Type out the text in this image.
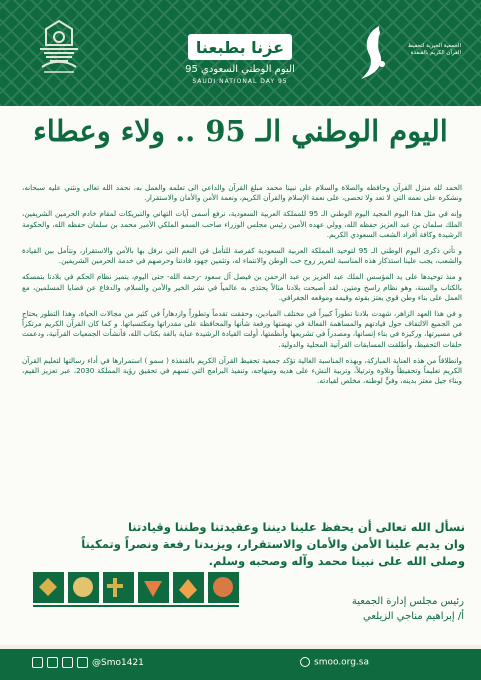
عزنا بطبعنا
اليوم الوطني السعودي 95
SAUDI NATIONAL DAY 95
الجمعية الخيرية لتحفيظ
القرآن الكريم بالقنفذة
اليوم الوطني الـ 95 .. ولاء وعطاء

الحمد لله منزل القرآن وحافظه والصلاة والسلام على نبينا محمد مبلغ القرآن والداعي الى تعلمه والعمل به، نحمد الله تعالى ونثني عليه سبحانه، ونشكره على نعمه التي لا تعد ولا تحصى، على نعمة الإسلام والقرآن الكريم، ونعمة الأمن والأمان والاستقرار.

وإنه في مثل هذا اليوم المجيد اليوم الوطني الـ 95 للمملكة العربية السعودية، نرفع أسمى آيات التهاني والتبريكات لمقام خادم الحرمين الشريفين، الملك سلمان بن عبد العزيز حفظه الله، وولي عهده الأمين رئيس مجلس الوزراء صاحب السمو الملكي الأمير محمد بن سلمان حفظه الله، والحكومة الرشيدة وكافة أفراد الشعب السعودي الكريم.

و تأتي ذكرى اليوم الوطني الـ 95 لتوحيد المملكة العربية السعودية كفرصة للتأمل في النعم التي نرفل بها بالأمن والاستقرار، ونتأمل بين القيادة والشعب، يجب علينا استذكار هذه المناسبة لتعزيز روح حب الوطن والانتماء له، وتثمين جهود قادتنا وحرصهم في خدمة الحرمين الشريفين.

و منذ توحيدها على يد المؤسس الملك عبد العزيز بن عبد الرحمن بن فيصل آل سعود -رحمه الله- حتى اليوم، يتميز نظام الحكم في بلادنا بتمسكه بالكتاب والسنة، وهو نظام راسخ ومتين. لقد أصبحت بلادنا مثالاً يحتذى به عالمياً في نشر الخير والأمن والسلام، والدفاع عن قضايا المسلمين، مع العمل على بناء وطن قوي يعتز بقوته وقيمه وموقعه الجغرافي.

و في هذا العهد الزاهر، شهدت بلادنا تطوراً كبيراً في مختلف الميادين، وحققت تقدماً وتطوراً وازدهاراً في كثير من مجالات الحياة، وهذا التطور يحتاج من الجميع الالتفاف حول قيادتهم والمساهمة الفعالة في نهضتها ورفعة شأنها والمحافظة على مقدراتها ومكتسباتها. و كما كان القرآن الكريم مرتكزاً في مسيرتها، وركيزة في بناء إنسانها، ومصدراً في تشريعها وأنظمتها، أولت القيادة الرشيدة عناية بالغة بكتاب الله، فأنشأت الجمعيات القرآنية، ودعمت حلقات التحفيظ، وأطلقت المسابقات القرآنية المحلية والدولية.

وانطلاقاً من هذه العناية المباركة، وبهذه المناسبة الغالية تؤكد جمعية تحفيظ القرآن الكريم بالقنفذة ( سمو ) استمرارها في أداء رسالتها لتعليم القرآن الكريم تعليماً وتحفيظاً وتلاوة وترتيلاً، وتربية النشء على هديه ومنهاجه، وتنفيذ البرامج التي تسهم في تحقيق رؤية المملكة 2030، عبر تعزيز القيم، وبناء جيل معتز بدينه، وفيٍّ لوطنه، مخلص لقيادته.

نسأل الله تعالى أن يحفظ علينا ديننا وعقيدتنا وطننا وقيادتنا
وان يديم علينا الأمن والأمان والاستقرار، ويزيدنا رفعة ونصراً وتمكيناً
وصلى الله على نبينا محمد وآله وصحبه وسلم.
رئيس مجلس إدارة الجمعية
أ/ إبراهيم مناجي الزيلعي
@Smo1421	smoo.org.sa
